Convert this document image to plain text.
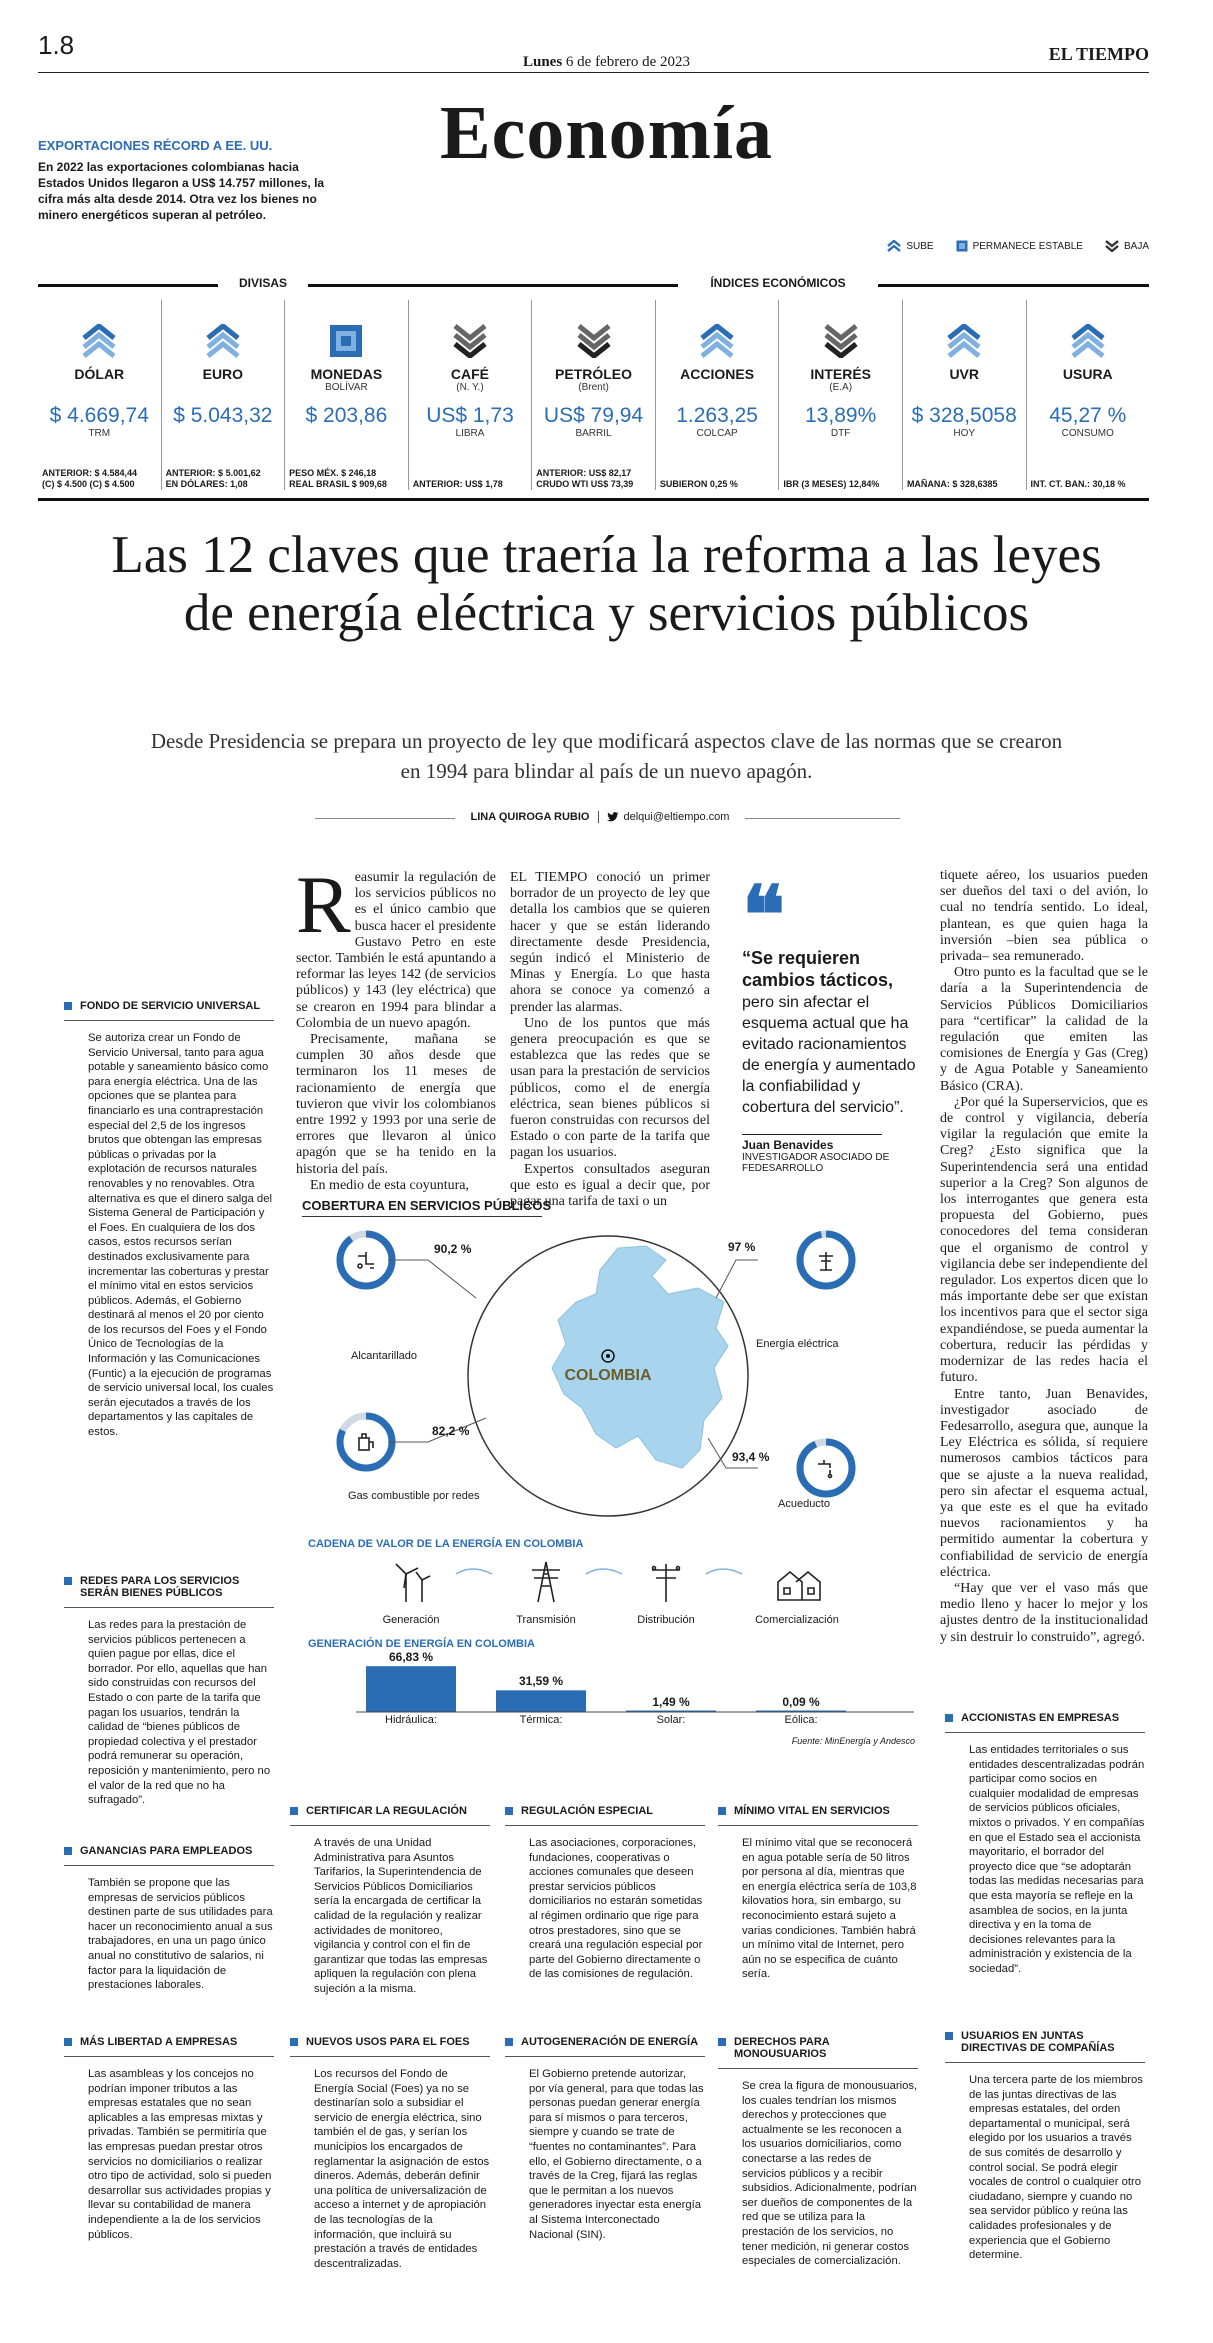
1.8
Lunes 6 de febrero de 2023	EL TIEMPO
Economía
EXPORTACIONES RÉCORD A EE. UU.
En 2022 las exportaciones colombianas hacia Estados Unidos llegaron a US$ 14.757 millones, la cifra más alta desde 2014. Otra vez los bienes no minero energéticos superan al petróleo.
SUBE	PERMANECE ESTABLE	BAJA
DIVISAS	ÍNDICES ECONÓMICOS
DÓLAR
$ 4.669,74
TRM
ANTERIOR: $ 4.584,44
(C) $ 4.500 (C) $ 4.500
EURO
$ 5.043,32
ANTERIOR: $ 5.001,62
EN DÓLARES: 1,08
MONEDAS
BOLÍVAR
$ 203,86
PESO MÉX. $ 246,18
REAL BRASIL $ 909,68
CAFÉ
(N. Y.)
US$ 1,73
LIBRA
ANTERIOR: US$ 1,78
PETRÓLEO
(Brent)
US$ 79,94
BARRIL
ANTERIOR: US$ 82,17
CRUDO WTI US$ 73,39
ACCIONES
1.263,25
COLCAP
SUBIERON 0,25 %
INTERÉS
(E.A)
13,89%
DTF
IBR (3 MESES) 12,84%
UVR
$ 328,5058
HOY
MAÑANA: $ 328,6385
USURA
45,27 %
CONSUMO
INT. CT. BAN.: 30,18 %
Las 12 claves que traería la reforma a las leyes de energía eléctrica y servicios públicos
Desde Presidencia se prepara un proyecto de ley que modificará aspectos clave de las normas que se crearon en 1994 para blindar al país de un nuevo apagón.
LINA QUIROGA RUBIO	delqui@eltiempo.com
R easumir la regulación de los servicios públicos no es el único cambio que busca hacer el presidente Gustavo Petro en este sector. También le está apuntando a reformar las leyes 142 (de servicios públicos) y 143 (ley eléctrica) que se crearon en 1994 para blindar a Colombia de un nuevo apagón.

Precisamente, mañana se cumplen 30 años desde que terminaron los 11 meses de racionamiento de energía que tuvieron que vivir los colombianos entre 1992 y 1993 por una serie de errores que llevaron al único apagón que se ha tenido en la historia del país.

En medio de esta coyuntura,

EL TIEMPO conoció un primer borrador de un proyecto de ley que detalla los cambios que se quieren hacer y que se están liderando directamente desde Presidencia, según indicó el Ministerio de Minas y Energía. Lo que hasta ahora se conoce ya comenzó a prender las alarmas.

Uno de los puntos que más genera preocupación es que se establezca que las redes que se usan para la prestación de servicios públicos, como el de energía eléctrica, sean bienes públicos si fueron construidas con recursos del Estado o con parte de la tarifa que pagan los usuarios.

Expertos consultados aseguran que esto es igual a decir que, por pagar una tarifa de taxi o un

tiquete aéreo, los usuarios pueden ser dueños del taxi o del avión, lo cual no tendría sentido. Lo ideal, plantean, es que quien haga la inversión –bien sea pública o privada– sea remunerado.

Otro punto es la facultad que se le daría a la Superintendencia de Servicios Públicos Domiciliarios para “certificar” la calidad de la regulación que emiten las comisiones de Energía y Gas (Creg) y de Agua Potable y Saneamiento Básico (CRA).

¿Por qué la Superservicios, que es de control y vigilancia, debería vigilar la regulación que emite la Creg? ¿Esto significa que la Superintendencia será una entidad superior a la Creg? Son algunos de los interrogantes que genera esta propuesta del Gobierno, pues conocedores del tema consideran que el organismo de control y vigilancia debe ser independiente del regulador. Los expertos dicen que lo más importante debe ser que existan los incentivos para que el sector siga expandiéndose, se pueda aumentar la cobertura, reducir las pérdidas y modernizar de las redes hacia el futuro.

Entre tanto, Juan Benavides, investigador asociado de Fedesarrollo, asegura que, aunque la Ley Eléctrica es sólida, sí requiere numerosos cambios tácticos para que se ajuste a la nueva realidad, pero sin afectar el esquema actual, ya que este es el que ha evitado nuevos racionamientos y ha permitido aumentar la cobertura y confiabilidad de servicio de energía eléctrica.

“Hay que ver el vaso más que medio lleno y hacer lo mejor y los ajustes dentro de la institucionalidad y sin destruir lo construido”, agregó.

❝
“Se requieren cambios tácticos, pero sin afectar el esquema actual que ha evitado racionamientos de energía y aumentado la confiabilidad y cobertura del servicio”.
Juan Benavides
INVESTIGADOR ASOCIADO DE FEDESARROLLO
COBERTURA EN SERVICIOS PÚBLICOS
COLOMBIA
Alcantarillado
90,2 %
Energía eléctrica
97 %
Gas combustible por redes
82,2 %
Acueducto
93,4 %
CADENA DE VALOR DE LA ENERGÍA EN COLOMBIA
Generación	Transmisión	Distribución	Comercialización
GENERACIÓN DE ENERGÍA EN COLOMBIA
66,83 %
Hidráulica:
31,59 %
Térmica:
1,49 %
Solar:
0,09 %
Eólica:
Fuente: MinEnergía y Andesco
FONDO DE SERVICIO UNIVERSAL
Se autoriza crear un Fondo de Servicio Universal, tanto para agua potable y saneamiento básico como para energía eléctrica. Una de las opciones que se plantea para financiarlo es una contraprestación especial del 2,5 de los ingresos brutos que obtengan las empresas públicas o privadas por la explotación de recursos naturales renovables y no renovables. Otra alternativa es que el dinero salga del Sistema General de Participación y el Foes. En cualquiera de los dos casos, estos recursos serían destinados exclusivamente para incrementar las coberturas y prestar el mínimo vital en estos servicios públicos. Además, el Gobierno destinará al menos el 20 por ciento de los recursos del Foes y el Fondo Único de Tecnologías de la Información y las Comunicaciones (Funtic) a la ejecución de programas de servicio universal local, los cuales serán ejecutados a través de los departamentos y las capitales de estos.
REDES PARA LOS SERVICIOS SERÁN BIENES PÚBLICOS
Las redes para la prestación de servicios públicos pertenecen a quien pague por ellas, dice el borrador. Por ello, aquellas que han sido construidas con recursos del Estado o con parte de la tarifa que pagan los usuarios, tendrán la calidad de “bienes públicos de propiedad colectiva y el prestador podrá remunerar su operación, reposición y mantenimiento, pero no el valor de la red que no ha sufragado”.
GANANCIAS PARA EMPLEADOS
También se propone que las empresas de servicios públicos destinen parte de sus utilidades para hacer un reconocimiento anual a sus trabajadores, en una un pago único anual no constitutivo de salarios, ni factor para la liquidación de prestaciones laborales.
MÁS LIBERTAD A EMPRESAS
Las asambleas y los concejos no podrían imponer tributos a las empresas estatales que no sean aplicables a las empresas mixtas y privadas. También se permitiría que las empresas puedan prestar otros servicios no domiciliarios o realizar otro tipo de actividad, solo si pueden desarrollar sus actividades propias y llevar su contabilidad de manera independiente a la de los servicios públicos.
CERTIFICAR LA REGULACIÓN
A través de una Unidad Administrativa para Asuntos Tarifarios, la Superintendencia de Servicios Públicos Domiciliarios sería la encargada de certificar la calidad de la regulación y realizar actividades de monitoreo, vigilancia y control con el fin de garantizar que todas las empresas apliquen la regulación con plena sujeción a la misma.
REGULACIÓN ESPECIAL
Las asociaciones, corporaciones, fundaciones, cooperativas o acciones comunales que deseen prestar servicios públicos domiciliarios no estarán sometidas al régimen ordinario que rige para otros prestadores, sino que se creará una regulación especial por parte del Gobierno directamente o de las comisiones de regulación.
MÍNIMO VITAL EN SERVICIOS
El mínimo vital que se reconocerá en agua potable sería de 50 litros por persona al día, mientras que en energía eléctrica sería de 103,8 kilovatios hora, sin embargo, su reconocimiento estará sujeto a varias condiciones. También habrá un mínimo vital de Internet, pero aún no se especifica de cuánto sería.
NUEVOS USOS PARA EL FOES
Los recursos del Fondo de Energía Social (Foes) ya no se destinarían solo a subsidiar el servicio de energía eléctrica, sino también el de gas, y serían los municipios los encargados de reglamentar la asignación de estos dineros. Además, deberán definir una política de universalización de acceso a internet y de apropiación de las tecnologías de la información, que incluirá su prestación a través de entidades descentralizadas.
AUTOGENERACIÓN DE ENERGÍA
El Gobierno pretende autorizar, por vía general, para que todas las personas puedan generar energía para sí mismos o para terceros, siempre y cuando se trate de “fuentes no contaminantes”. Para ello, el Gobierno directamente, o a través de la Creg, fijará las reglas que le permitan a los nuevos generadores inyectar esta energía al Sistema Interconectado Nacional (SIN).
DERECHOS PARA MONOUSUARIOS
Se crea la figura de monousuarios, los cuales tendrían los mismos derechos y protecciones que actualmente se les reconocen a los usuarios domiciliarios, como conectarse a las redes de servicios públicos y a recibir subsidios. Adicionalmente, podrían ser dueños de componentes de la red que se utiliza para la prestación de los servicios, no tener medición, ni generar costos especiales de comercialización.
ACCIONISTAS EN EMPRESAS
Las entidades territoriales o sus entidades descentralizadas podrán participar como socios en cualquier modalidad de empresas de servicios públicos oficiales, mixtos o privados. Y en compañías en que el Estado sea el accionista mayoritario, el borrador del proyecto dice que “se adoptarán todas las medidas necesarias para que esta mayoría se refleje en la asamblea de socios, en la junta directiva y en la toma de decisiones relevantes para la administración y existencia de la sociedad”.
USUARIOS EN JUNTAS DIRECTIVAS DE COMPAÑÍAS
Una tercera parte de los miembros de las juntas directivas de las empresas estatales, del orden departamental o municipal, será elegido por los usuarios a través de sus comités de desarrollo y control social. Se podrá elegir vocales de control o cualquier otro ciudadano, siempre y cuando no sea servidor público y reúna las calidades profesionales y de experiencia que el Gobierno determine.
